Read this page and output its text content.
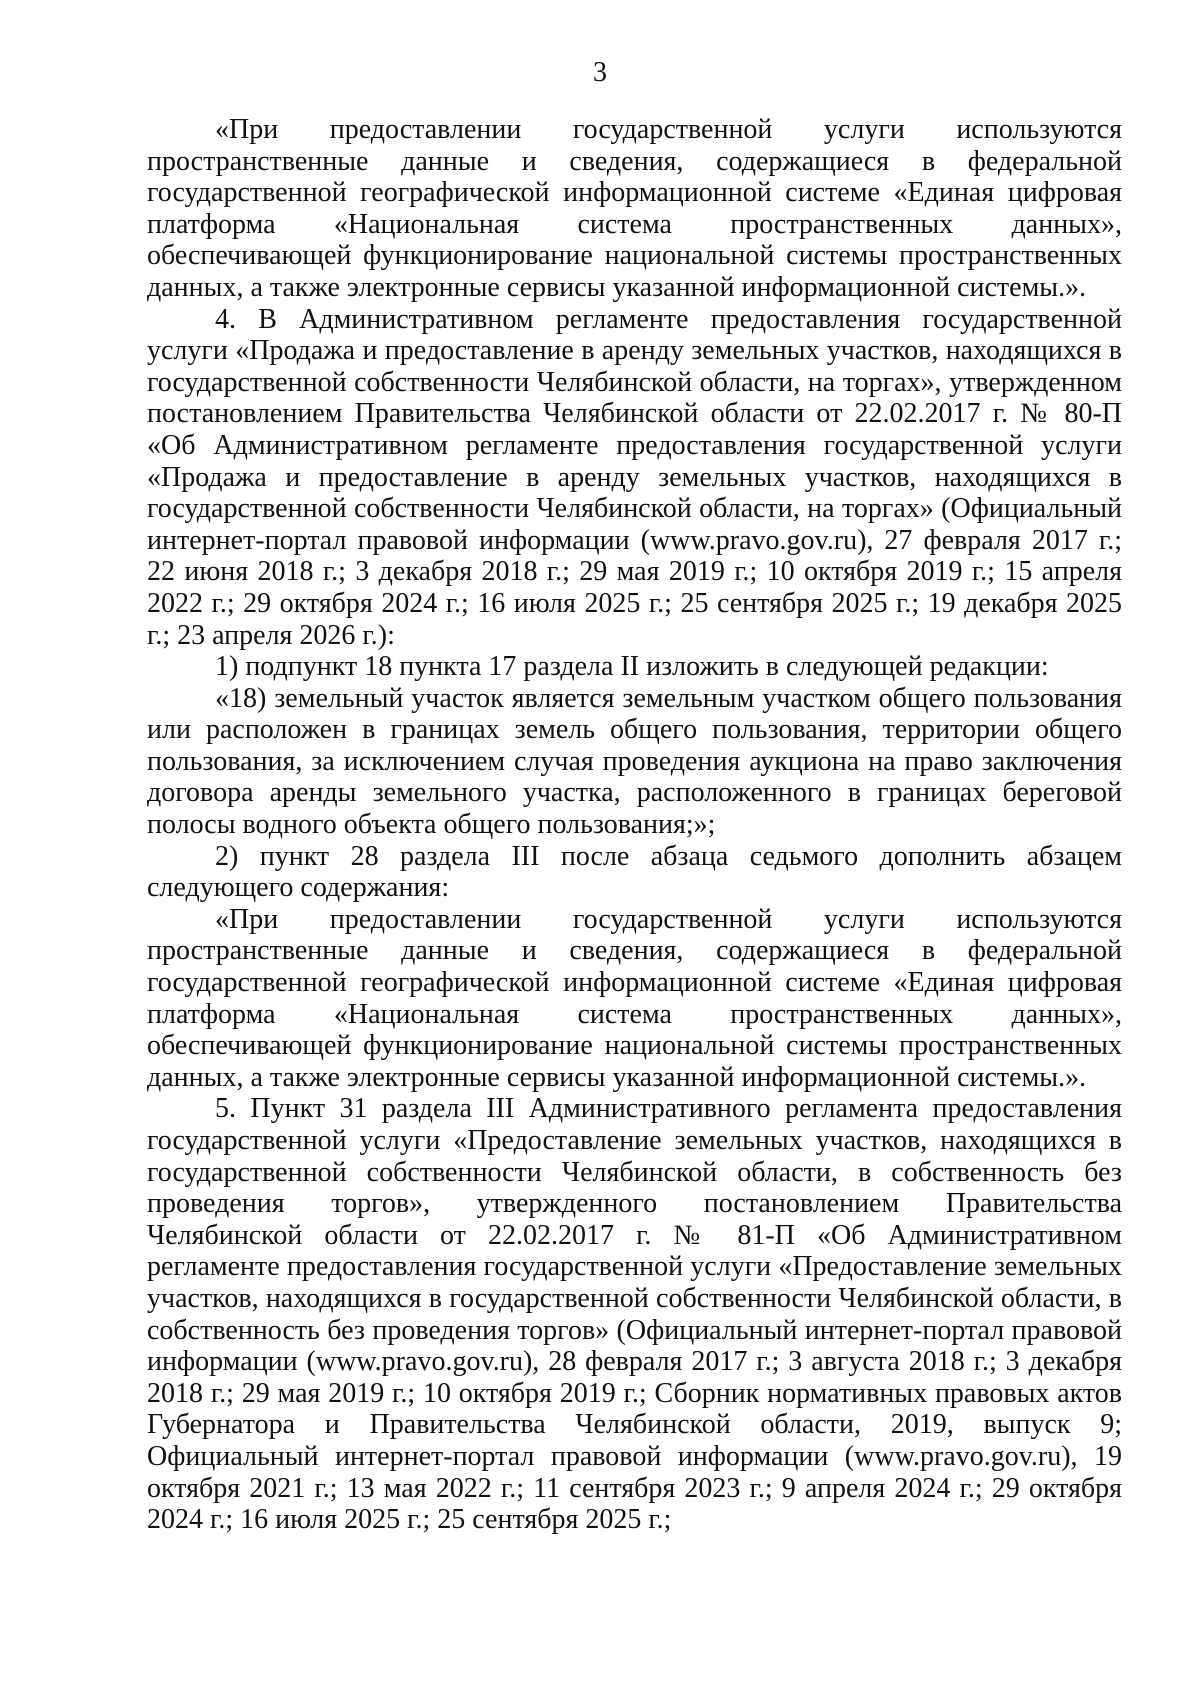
3

«При предоставлении государственной услуги используются пространственные данные и сведения, содержащиеся в федеральной государственной географической информационной системе «Единая цифровая платформа «Национальная система пространственных данных», обеспечивающей функционирование национальной системы пространственных данных, а также электронные сервисы указанной информационной системы.».

4. В Административном регламенте предоставления государственной услуги «Продажа и предоставление в аренду земельных участков, находящихся в государственной собственности Челябинской области, на торгах», утвержденном постановлением Правительства Челябинской области от 22.02.2017 г. № 80-П «Об Административном регламенте предоставления государственной услуги «Продажа и предоставление в аренду земельных участков, находящихся в государственной собственности Челябинской области, на торгах» (Официальный интернет-портал правовой информации (www.pravo.gov.ru), 27 февраля 2017 г.; 22 июня 2018 г.; 3 декабря 2018 г.; 29 мая 2019 г.; 10 октября 2019 г.; 15 апреля 2022 г.; 29 октября 2024 г.; 16 июля 2025 г.; 25 сентября 2025 г.; 19 декабря 2025 г.; 23 апреля 2026 г.):

1) подпункт 18 пункта 17 раздела II изложить в следующей редакции:

«18) земельный участок является земельным участком общего пользования или расположен в границах земель общего пользования, территории общего пользования, за исключением случая проведения аукциона на право заключения договора аренды земельного участка, расположенного в границах береговой полосы водного объекта общего пользования;»;

2) пункт 28 раздела III после абзаца седьмого дополнить абзацем следующего содержания:

«При предоставлении государственной услуги используются пространственные данные и сведения, содержащиеся в федеральной государственной географической информационной системе «Единая цифровая платформа «Национальная система пространственных данных», обеспечивающей функционирование национальной системы пространственных данных, а также электронные сервисы указанной информационной системы.».

5. Пункт 31 раздела III Административного регламента предоставления государственной услуги «Предоставление земельных участков, находящихся в государственной собственности Челябинской области, в собственность без проведения торгов», утвержденного постановлением Правительства Челябинской области от 22.02.2017 г. № 81-П «Об Административном регламенте предоставления государственной услуги «Предоставление земельных участков, находящихся в государственной собственности Челябинской области, в собственность без проведения торгов» (Официальный интернет-портал правовой информации (www.pravo.gov.ru), 28 февраля 2017 г.; 3 августа 2018 г.; 3 декабря 2018 г.; 29 мая 2019 г.; 10 октября 2019 г.; Сборник нормативных правовых актов Губернатора и Правительства Челябинской области, 2019, выпуск 9; Официальный интернет-портал правовой информации (www.pravo.gov.ru), 19 октября 2021 г.; 13 мая 2022 г.; 11 сентября 2023 г.; 9 апреля 2024 г.; 29 октября 2024 г.; 16 июля 2025 г.; 25 сентября 2025 г.;
